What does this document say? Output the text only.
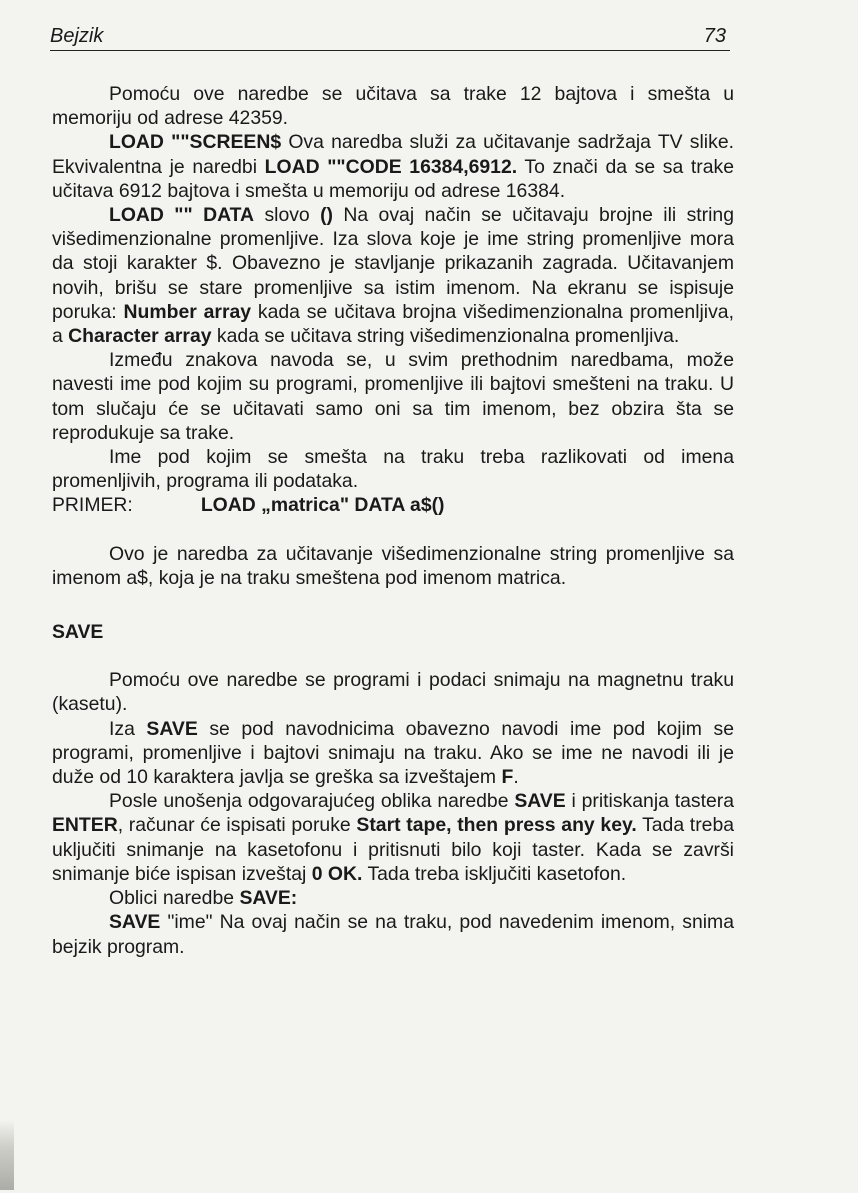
Bejzik	73

Pomoću ove naredbe se učitava sa trake 12 bajtova i smešta u memoriju od adrese 42359.

LOAD ""SCREEN$ Ova naredba služi za učitavanje sadržaja TV slike. Ekvivalentna je naredbi LOAD ""CODE 16384,6912. To znači da se sa trake učitava 6912 bajtova i smešta u memoriju od adrese 16384.

LOAD "" DATA slovo () Na ovaj način se učitavaju brojne ili string višedimenzionalne promenljive. Iza slova koje je ime string promenljive mora da stoji karakter $. Obavezno je stavljanje prikazanih zagrada. Učitavanjem novih, brišu se stare promenljive sa istim imenom. Na ekranu se ispisuje poruka: Number array kada se učitava brojna višedimenzionalna promenljiva, a Character array kada se učitava string višedimenzionalna promenljiva.

Između znakova navoda se, u svim prethodnim naredbama, može navesti ime pod kojim su programi, promenljive ili bajtovi smešteni na traku. U tom slučaju će se učitavati samo oni sa tim imenom, bez obzira šta se reprodukuje sa trake.

Ime pod kojim se smešta na traku treba razlikovati od imena promenljivih, programa ili podataka.

PRIMER:	LOAD „matrica" DATA a$()

Ovo je naredba za učitavanje višedimenzionalne string promenljive sa imenom a$, koja je na traku smeštena pod imenom matrica.

SAVE

Pomoću ove naredbe se programi i podaci snimaju na magnetnu traku (kasetu).

Iza SAVE se pod navodnicima obavezno navodi ime pod kojim se programi, promenljive i bajtovi snimaju na traku. Ako se ime ne navodi ili je duže od 10 karaktera javlja se greška sa izveštajem F.

Posle unošenja odgovarajućeg oblika naredbe SAVE i pritiskanja tastera ENTER, računar će ispisati poruke Start tape, then press any key. Tada treba uključiti snimanje na kasetofonu i pritisnuti bilo koji taster. Kada se završi snimanje biće ispisan izveštaj 0 OK. Tada treba isključiti kasetofon.

Oblici naredbe SAVE:

SAVE "ime" Na ovaj način se na traku, pod navedenim imenom, snima bejzik program.
